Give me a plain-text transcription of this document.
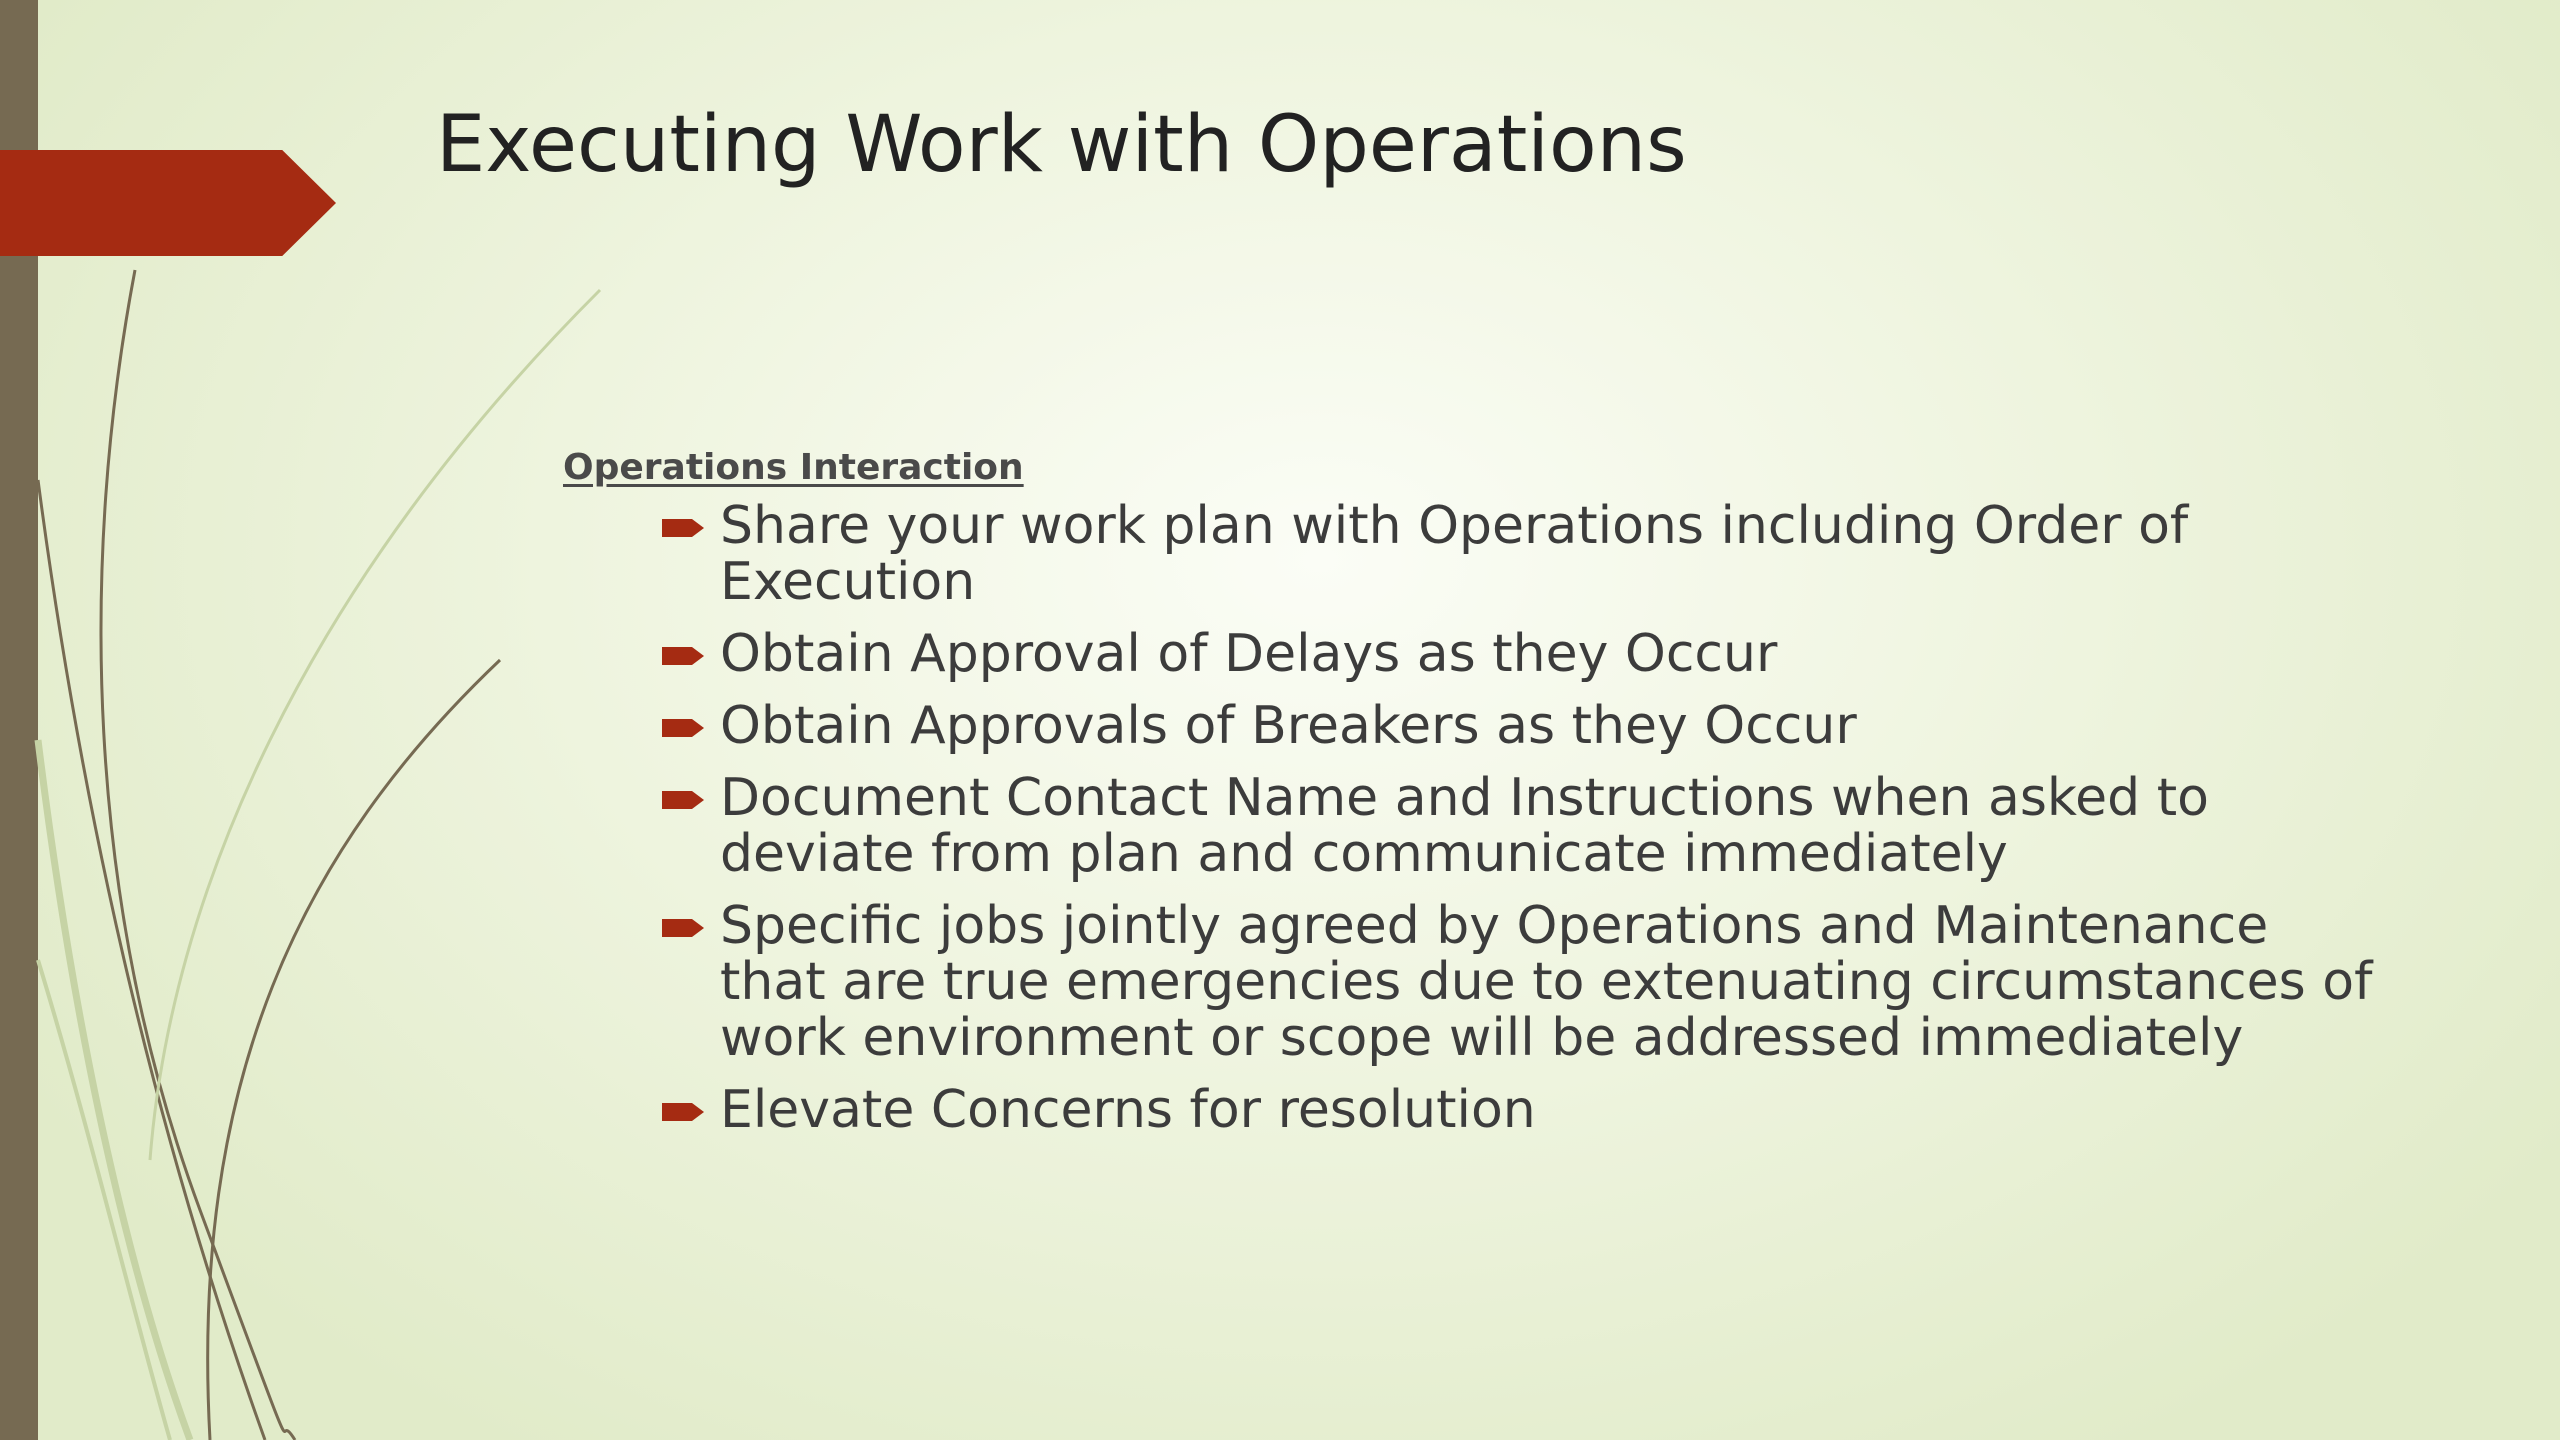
Executing Work with Operations
Operations Interaction
Share your work plan with Operations including Order of Execution
Obtain Approval of Delays as they Occur
Obtain Approvals of Breakers as they Occur
Document Contact Name and Instructions when asked to deviate from plan and communicate immediately
Specific jobs jointly agreed by Operations and Maintenance that are true emergencies due to extenuating circumstances of work environment or scope will be addressed immediately
Elevate Concerns for resolution
